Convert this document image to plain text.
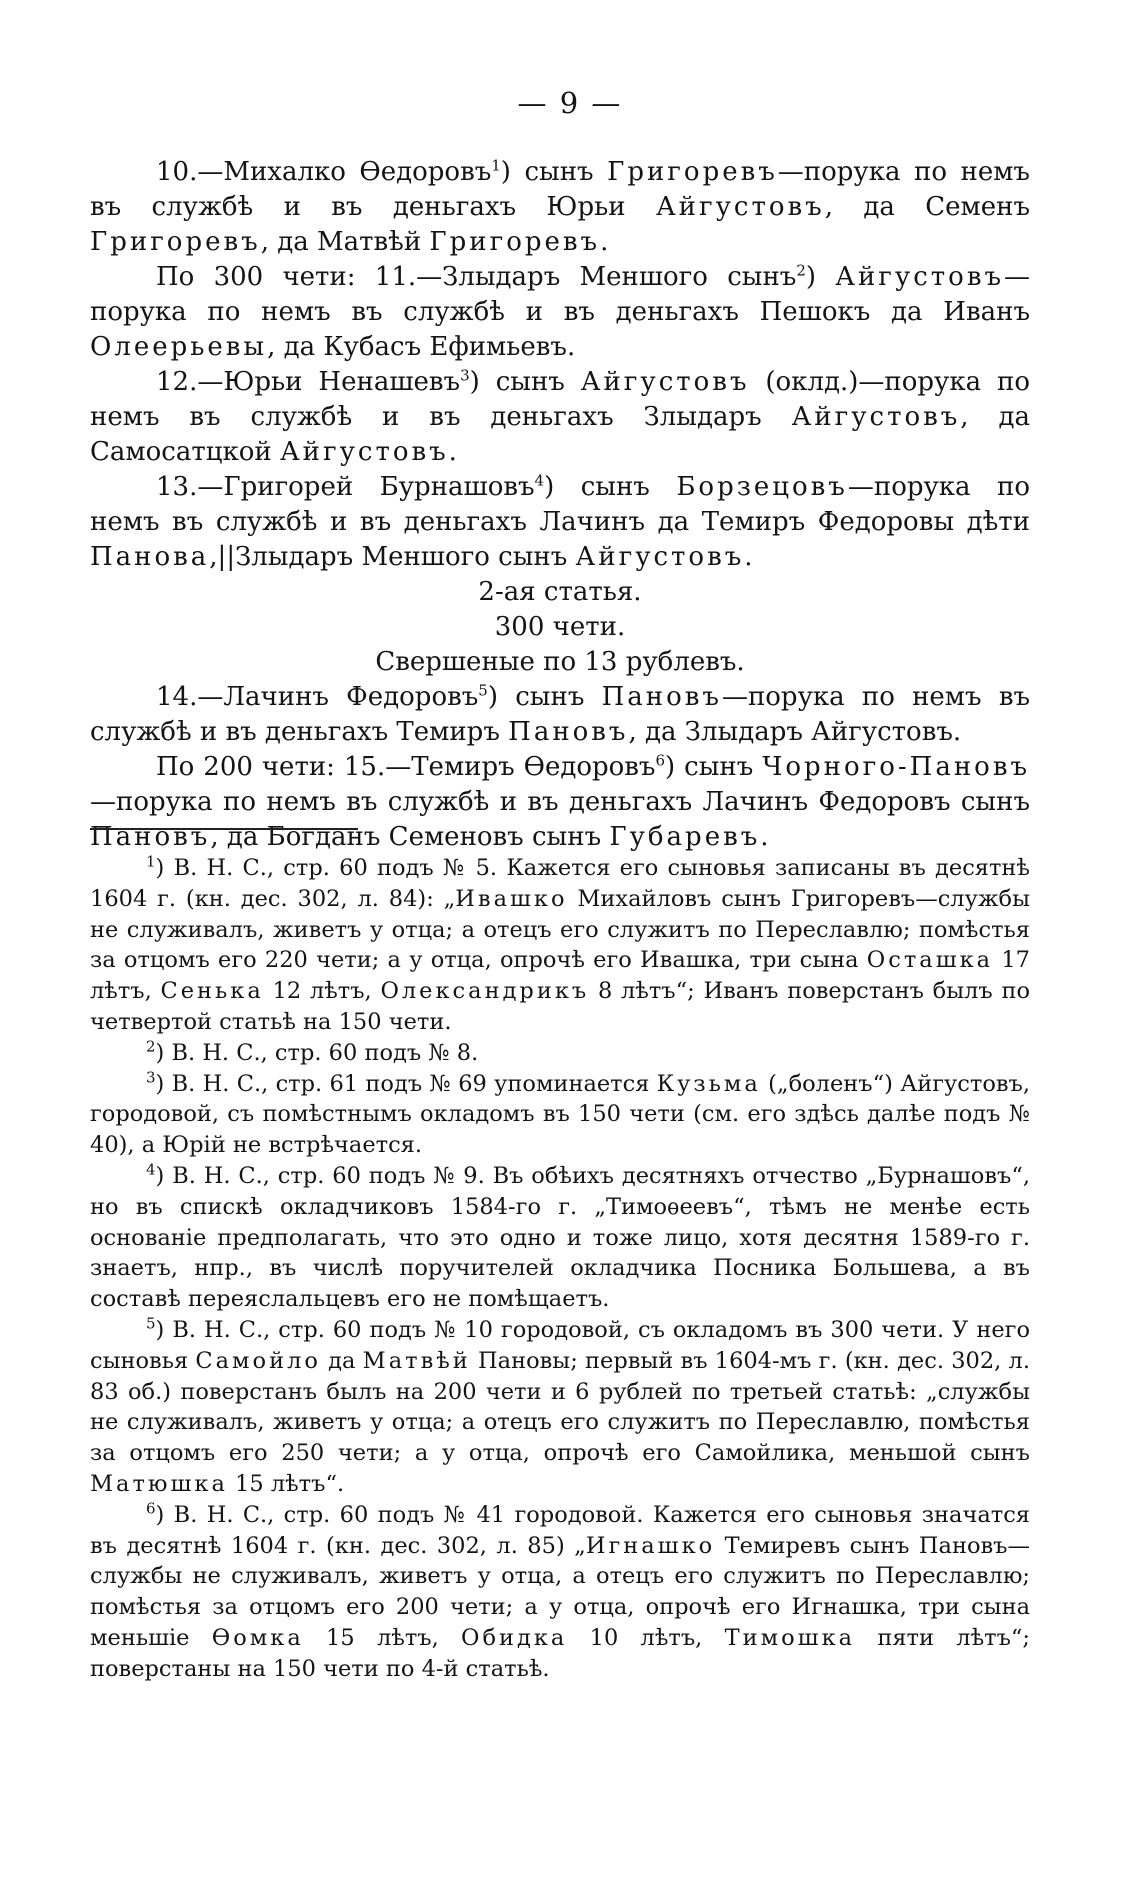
— 9 —

10.—Михалко Өедоровъ$^1$) сынъ Григоревъ—порука по немъ въ службѣ и въ деньгахъ Юрьи Айгустовъ, да Семенъ Григоревъ, да Матвѣй Григоревъ.

По 300 чети: 11.—Злыдаръ Меншого сынъ$^2$) Айгустовъ—порука по немъ въ службѣ и въ деньгахъ Пешокъ да Иванъ Олеерьевы, да Кубасъ Ефимьевъ.

12.—Юрьи Ненашевъ$^3$) сынъ Айгустовъ (оклд.)—порука по немъ въ службѣ и въ деньгахъ Злыдаръ Айгустовъ, да Самосатцкой Айгустовъ.

13.—Григорей Бурнашовъ$^4$) сынъ Борзецовъ—порука по немъ въ службѣ и въ деньгахъ Лачинъ да Темиръ Федоровы дѣти Панова,||Злыдаръ Меншого сынъ Айгустовъ.

2-ая статья.

300 чети.

Свершеные по 13 рублевъ.

14.—Лачинъ Федоровъ$^5$) сынъ Пановъ—порука по немъ въ службѣ и въ деньгахъ Темиръ Пановъ, да Злыдаръ Айгустовъ.

По 200 чети: 15.—Темиръ Өедоровъ$^6$) сынъ Чорного-Пановъ—порука по немъ въ службѣ и въ деньгахъ Лачинъ Федоровъ сынъ Пановъ, да Богданъ Семеновъ сынъ Губаревъ.

$^1$) В. Н. С., стр. 60 подъ № 5. Кажется его сыновья записаны въ десятнѣ 1604 г. (кн. дес. 302, л. 84): „Ивашко Михайловъ сынъ Григоревъ—службы не служивалъ, живетъ у отца; а отецъ его служитъ по Переславлю; помѣстья за отцомъ его 220 чети; а у отца, опрочѣ его Ивашка, три сына Осташка 17 лѣтъ, Сенька 12 лѣтъ, Олександрикъ 8 лѣтъ“; Иванъ поверстанъ былъ по четвертой статьѣ на 150 чети.

$^2$) В. Н. С., стр. 60 подъ № 8.

$^3$) В. Н. С., стр. 61 подъ № 69 упоминается Кузьма („боленъ“) Айгустовъ, городовой, съ помѣстнымъ окладомъ въ 150 чети (см. его здѣсь далѣе подъ № 40), а Юрій не встрѣчается.

$^4$) В. Н. С., стр. 60 подъ № 9. Въ обѣихъ десятняхъ отчество „Бурнашовъ“, но въ спискѣ окладчиковъ 1584-го г. „Тимоѳеевъ“, тѣмъ не менѣе есть основаніе предполагать, что это одно и тоже лицо, хотя десятня 1589-го г. знаетъ, нпр., въ числѣ поручителей окладчика Посника Большева, а въ составѣ переяслальцевъ его не помѣщаетъ.

$^5$) В. Н. С., стр. 60 подъ № 10 городовой, съ окладомъ въ 300 чети. У него сыновья Самойло да Матвѣй Пановы; первый въ 1604-мъ г. (кн. дес. 302, л. 83 об.) поверстанъ былъ на 200 чети и 6 рублей по третьей статьѣ: „службы не служивалъ, живетъ у отца; а отецъ его служитъ по Переславлю, помѣстья за отцомъ его 250 чети; а у отца, опрочѣ его Самойлика, меньшой сынъ Матюшка 15 лѣтъ“.

$^6$) В. Н. С., стр. 60 подъ № 41 городовой. Кажется его сыновья значатся въ десятнѣ 1604 г. (кн. дес. 302, л. 85) „Игнашко Темиревъ сынъ Пановъ—службы не служивалъ, живетъ у отца, а отецъ его служитъ по Переславлю; помѣстья за отцомъ его 200 чети; а у отца, опрочѣ его Игнашка, три сына меньшіе Өомка 15 лѣтъ, Обидка 10 лѣтъ, Тимошка пяти лѣтъ“; поверстаны на 150 чети по 4-й статьѣ.
